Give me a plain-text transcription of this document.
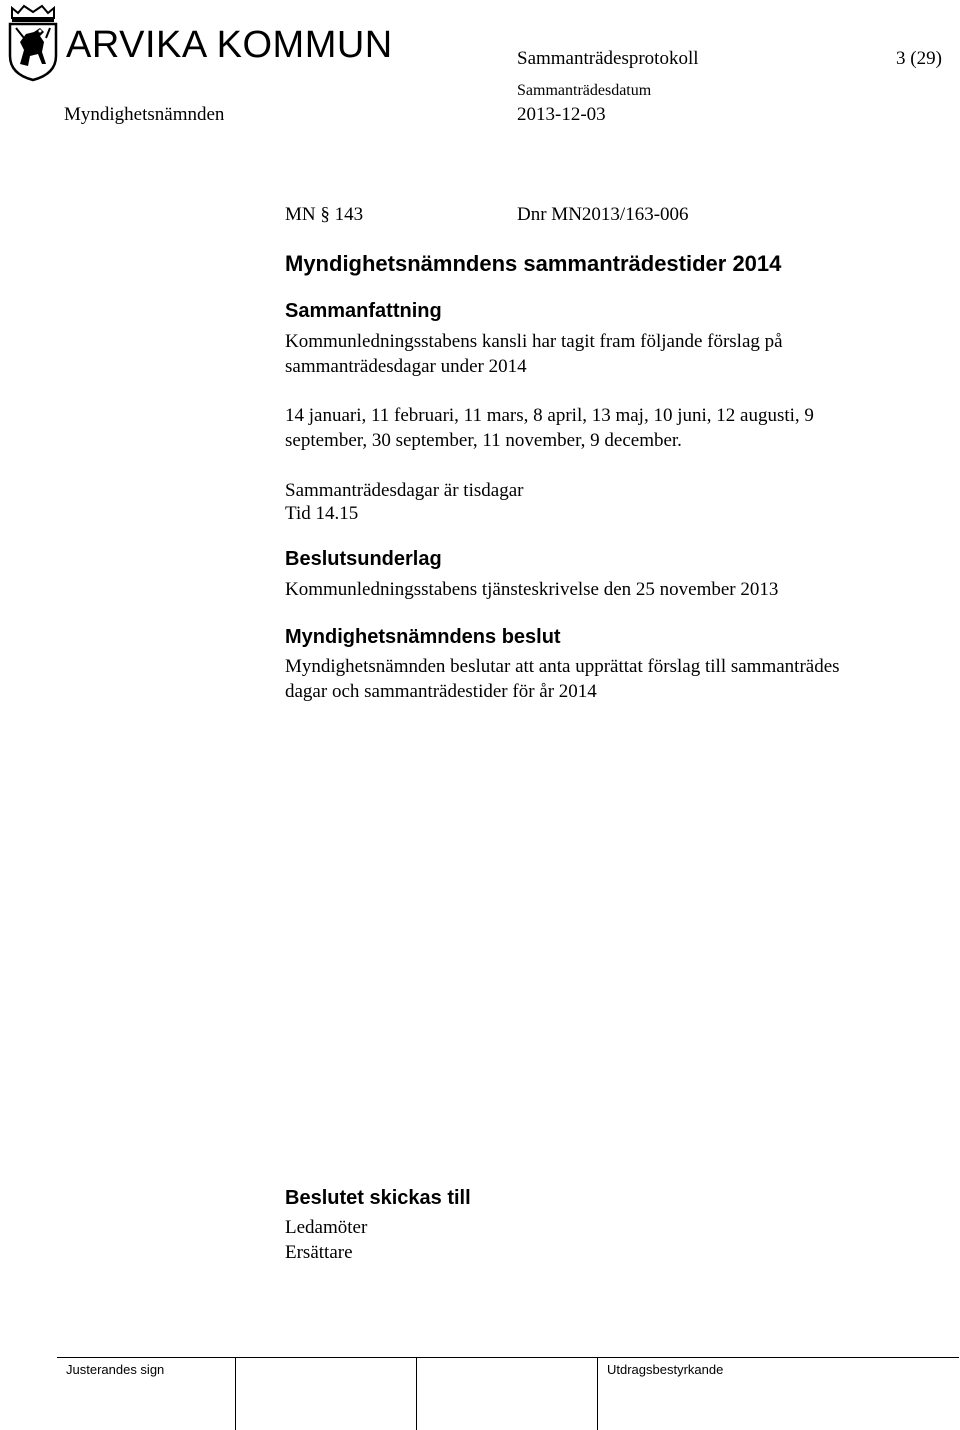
ARVIKA KOMMUN	Sammanträdesprotokoll	3 (29)
Myndighetsnämnden
Sammanträdesdatum
2013-12-03
MN § 143	Dnr MN2013/163-006
Myndighetsnämndens sammanträdestider 2014
Sammanfattning
Kommunledningsstabens kansli har tagit fram följande förslag på
sammanträdesdagar under 2014
14 januari, 11 februari, 11 mars, 8 april, 13 maj, 10 juni, 12 augusti, 9
september, 30 september, 11 november, 9 december.
Sammanträdesdagar är tisdagar
Tid 14.15
Beslutsunderlag
Kommunledningsstabens tjänsteskrivelse den 25 november 2013
Myndighetsnämndens beslut
Myndighetsnämnden beslutar att anta upprättat förslag till sammanträdes
dagar och sammanträdestider för år 2014
Beslutet skickas till
Ledamöter
Ersättare
Justerandes sign	Utdragsbestyrkande
